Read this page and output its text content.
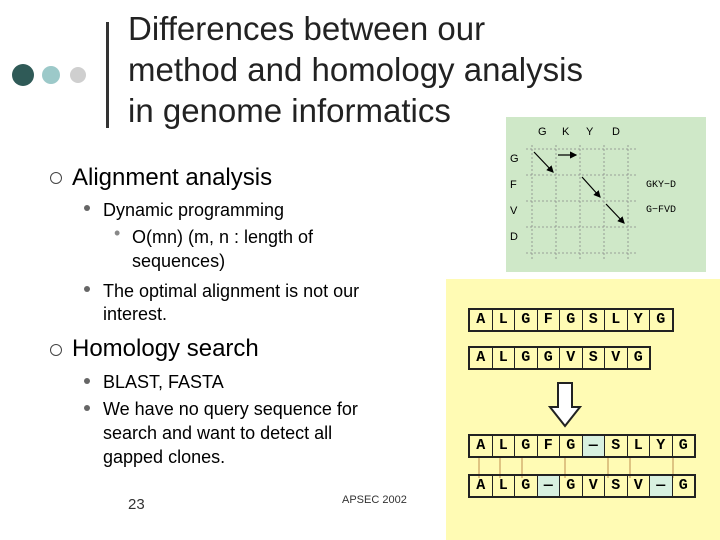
Differences between our
method and homology analysis
in genome informatics
Alignment analysis
Dynamic programming
• O(mn) (m, n : length of
sequences)
The optimal alignment is not our
interest.
Homology search
BLAST, FASTA
We have no query sequence for
search and want to detect all
gapped clones.
23	APSEC 2002
G K Y D
G
F
V
D
GKY−D
G−FVD
A L G F G S L Y G
A L G G V S V G
A L G F G — S L Y G
A L G — G V S V — G
